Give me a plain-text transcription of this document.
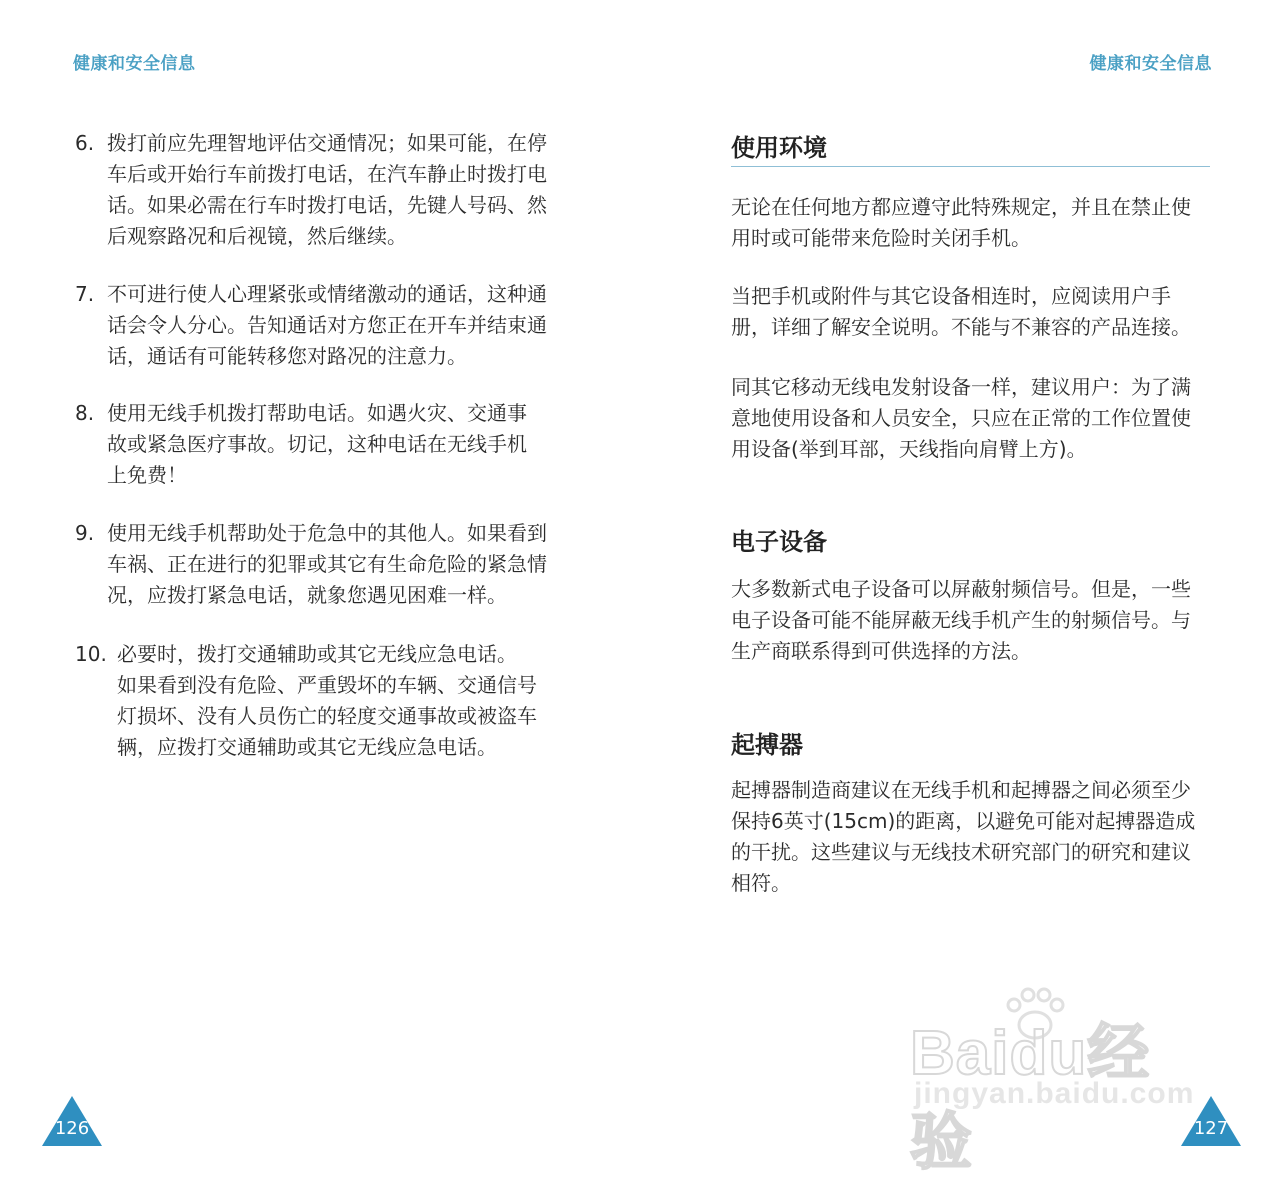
健康和安全信息
6. 拨打前应先理智地评估交通情况；如果可能，在停
车后或开始行车前拨打电话，在汽车静止时拨打电
话。如果必需在行车时拨打电话，先键人号码、然
后观察路况和后视镜，然后继续。
7. 不可进行使人心理紧张或情绪激动的通话，这种通
话会令人分心。告知通话对方您正在开车并结束通
话，通话有可能转移您对路况的注意力。
8. 使用无线手机拨打帮助电话。如遇火灾、交通事
故或紧急医疗事故。切记，这种电话在无线手机
上免费！
9. 使用无线手机帮助处于危急中的其他人。如果看到
车祸、正在进行的犯罪或其它有生命危险的紧急情
况，应拨打紧急电话，就象您遇见困难一样。
10. 必要时，拨打交通辅助或其它无线应急电话。
如果看到没有危险、严重毁坏的车辆、交通信号
灯损坏、没有人员伤亡的轻度交通事故或被盗车
辆，应拨打交通辅助或其它无线应急电话。
126
健康和安全信息
使用环境
无论在任何地方都应遵守此特殊规定，并且在禁止使
用时或可能带来危险时关闭手机。
当把手机或附件与其它设备相连时，应阅读用户手
册，详细了解安全说明。不能与不兼容的产品连接。
同其它移动无线电发射设备一样，建议用户：为了满
意地使用设备和人员安全，只应在正常的工作位置使
用设备(举到耳部，天线指向肩臂上方)。
电子设备
大多数新式电子设备可以屏蔽射频信号。但是，一些
电子设备可能不能屏蔽无线手机产生的射频信号。与
生产商联系得到可供选择的方法。
起搏器
起搏器制造商建议在无线手机和起搏器之间必须至少
保持6英寸(15cm)的距离，以避免可能对起搏器造成
的干扰。这些建议与无线技术研究部门的研究和建议
相符。
127
Baidu经验
jingyan.baidu.com
